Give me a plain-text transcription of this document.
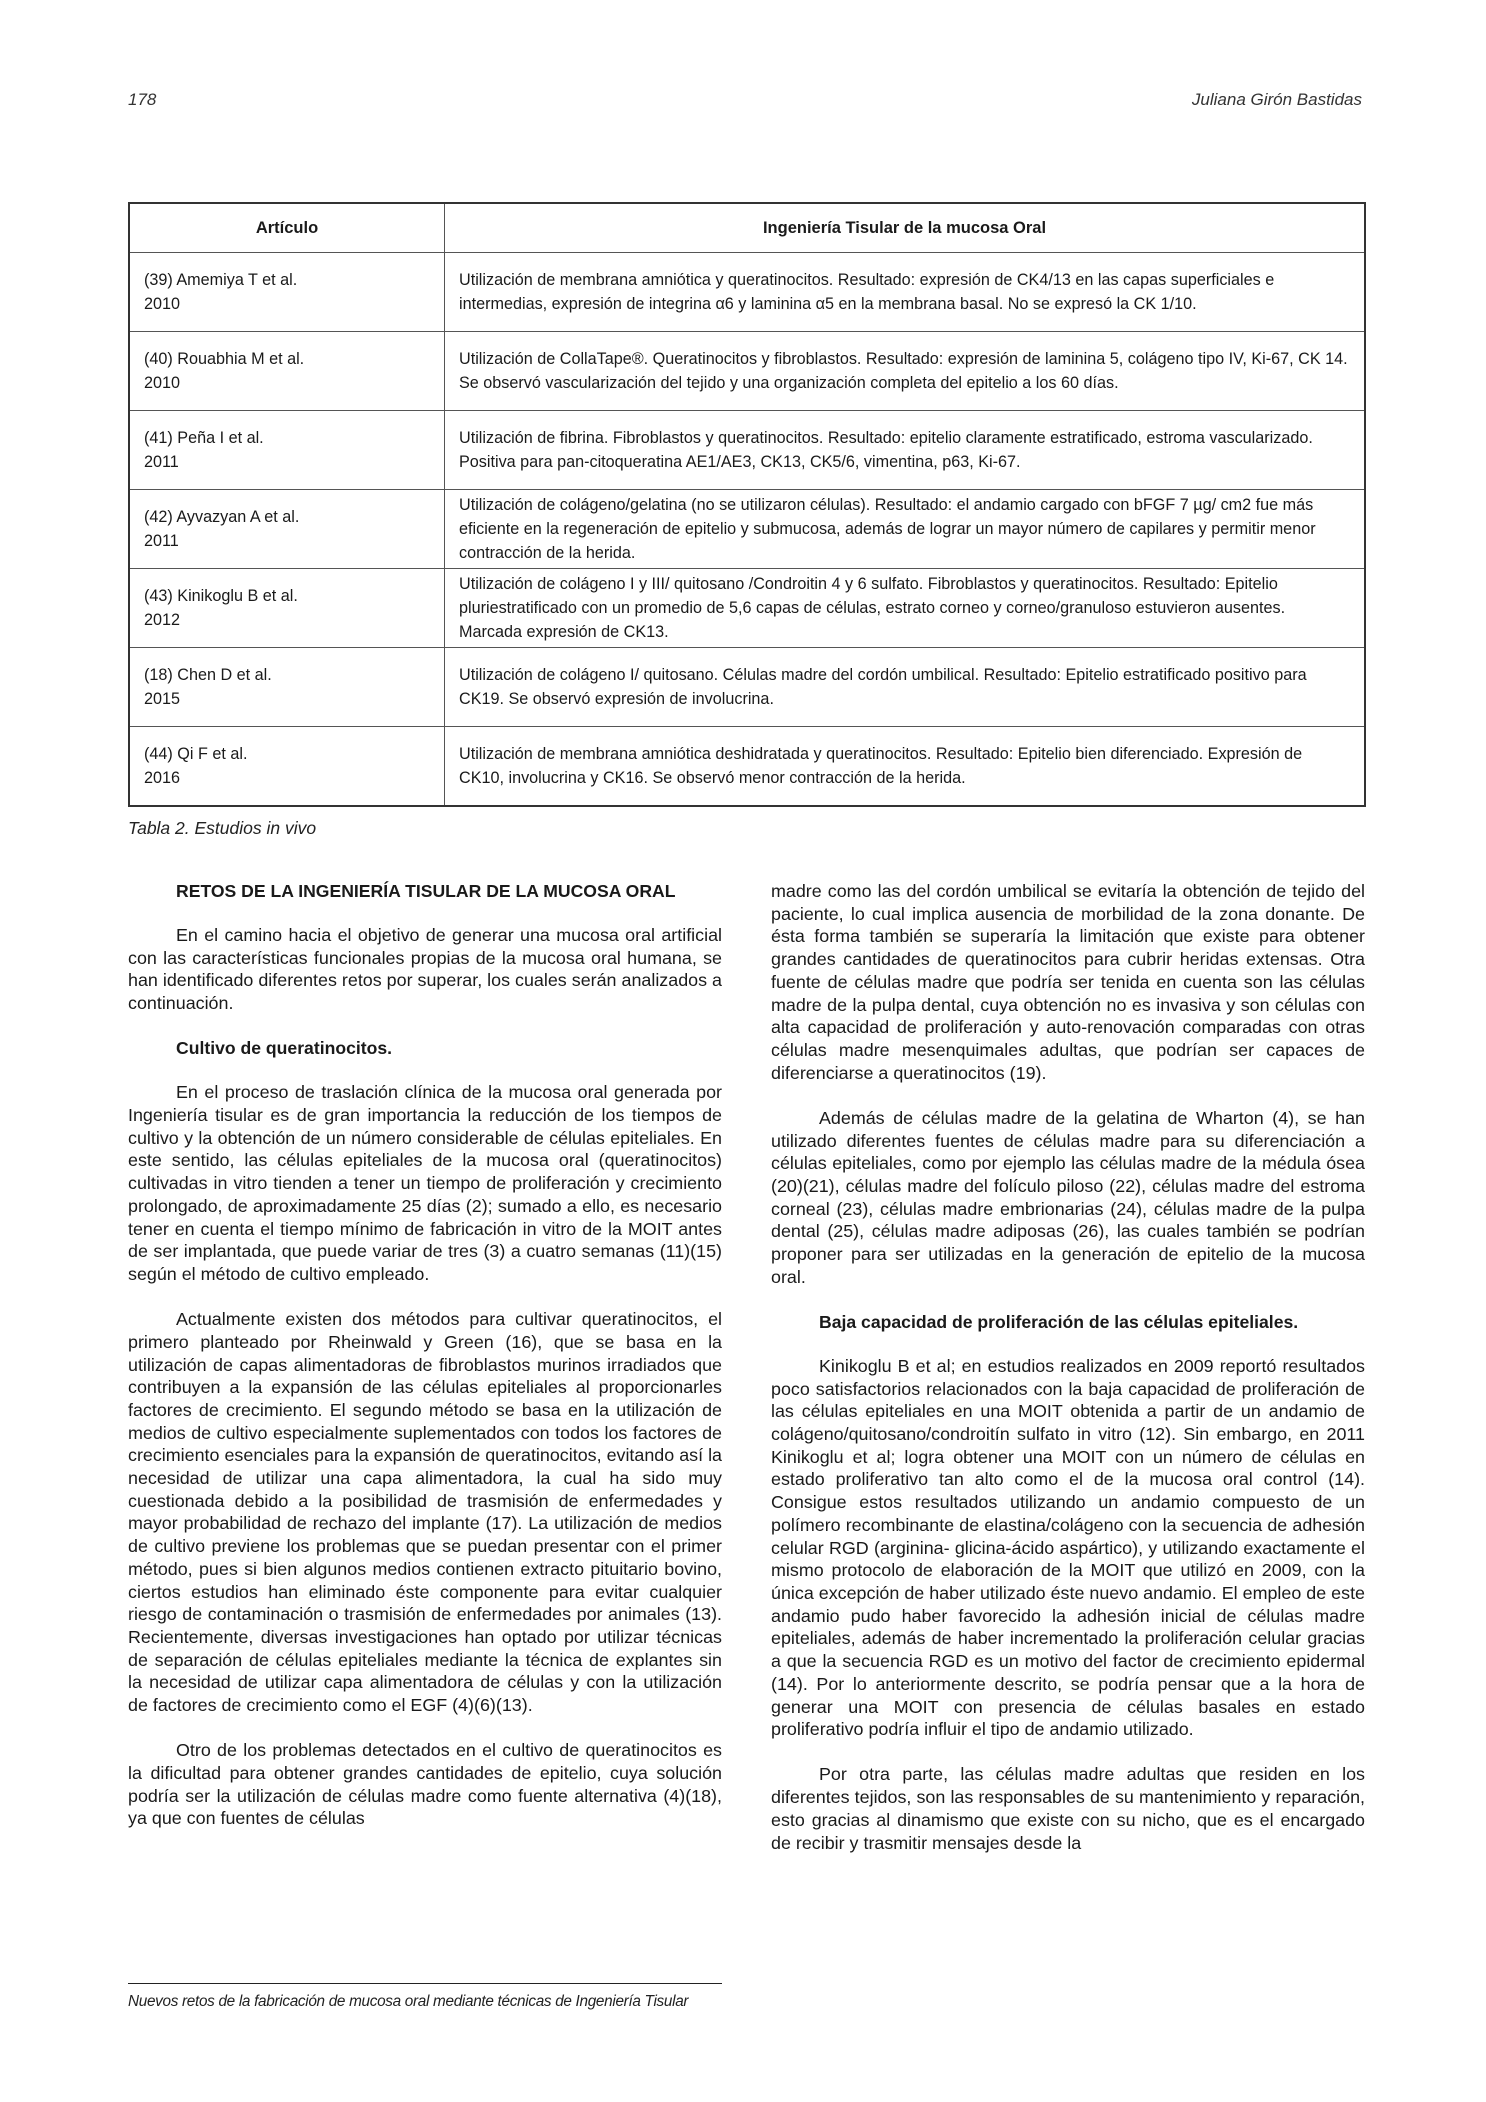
178	Juliana Girón Bastidas
Artículo	Ingeniería Tisular de la mucosa Oral

(39) Amemiya T et al.
2010	Utilización de membrana amniótica y queratinocitos. Resultado: expresión de CK4/13 en las capas superficiales e intermedias, expresión de integrina α6 y laminina α5 en la membrana basal. No se expresó la CK 1/10.

(40) Rouabhia M et al.
2010	Utilización de CollaTape®. Queratinocitos y fibroblastos. Resultado: expresión de laminina 5, colágeno tipo IV, Ki-67, CK 14. Se observó vascularización del tejido y una organización completa del epitelio a los 60 días.

(41) Peña I et al.
2011	Utilización de fibrina. Fibroblastos y queratinocitos. Resultado: epitelio claramente estratificado, estroma vascularizado. Positiva para pan-citoqueratina AE1/AE3, CK13, CK5/6, vimentina, p63, Ki-67.

(42) Ayvazyan A et al.
2011	Utilización de colágeno/gelatina (no se utilizaron células). Resultado: el andamio cargado con bFGF 7 µg/ cm2 fue más eficiente en la regeneración de epitelio y submucosa, además de lograr un mayor número de capilares y permitir menor contracción de la herida.

(43) Kinikoglu B et al.
2012	Utilización de colágeno I y III/ quitosano /Condroitin 4 y 6 sulfato. Fibroblastos y queratinocitos. Resultado: Epitelio pluriestratificado con un promedio de 5,6 capas de células, estrato corneo y corneo/granuloso estuvieron ausentes. Marcada expresión de CK13.

(18) Chen D et al.
2015	Utilización de colágeno I/ quitosano. Células madre del cordón umbilical. Resultado: Epitelio estratificado positivo para CK19. Se observó expresión de involucrina.

(44) Qi F et al.
2016	Utilización de membrana amniótica deshidratada y queratinocitos. Resultado: Epitelio bien diferenciado. Expresión de CK10, involucrina y CK16. Se observó menor contracción de la herida.
Tabla 2. Estudios in vivo
RETOS DE LA INGENIERÍA TISULAR DE LA MUCOSA ORAL

En el camino hacia el objetivo de generar una mucosa oral artificial con las características funcionales propias de la mucosa oral humana, se han identificado diferentes retos por superar, los cuales serán analizados a continuación.

Cultivo de queratinocitos.

En el proceso de traslación clínica de la mucosa oral generada por Ingeniería tisular es de gran importancia la reducción de los tiempos de cultivo y la obtención de un número considerable de células epiteliales. En este sentido, las células epiteliales de la mucosa oral (queratinocitos) cultivadas in vitro tienden a tener un tiempo de proliferación y crecimiento prolongado, de aproximadamente 25 días (2); sumado a ello, es necesario tener en cuenta el tiempo mínimo de fabricación in vitro de la MOIT antes de ser implantada, que puede variar de tres (3) a cuatro semanas (11)(15) según el método de cultivo empleado.

Actualmente existen dos métodos para cultivar queratinocitos, el primero planteado por Rheinwald y Green (16), que se basa en la utilización de capas alimentadoras de fibroblastos murinos irradiados que contribuyen a la expansión de las células epiteliales al proporcionarles factores de crecimiento. El segundo método se basa en la utilización de medios de cultivo especialmente suplementados con todos los factores de crecimiento esenciales para la expansión de queratinocitos, evitando así la necesidad de utilizar una capa alimentadora, la cual ha sido muy cuestionada debido a la posibilidad de trasmisión de enfermedades y mayor probabilidad de rechazo del implante (17). La utilización de medios de cultivo previene los problemas que se puedan presentar con el primer método, pues si bien algunos medios contienen extracto pituitario bovino, ciertos estudios han eliminado éste componente para evitar cualquier riesgo de contaminación o trasmisión de enfermedades por animales (13). Recientemente, diversas investigaciones han optado por utilizar técnicas de separación de células epiteliales mediante la técnica de explantes sin la necesidad de utilizar capa alimentadora de células y con la utilización de factores de crecimiento como el EGF (4)(6)(13).

Otro de los problemas detectados en el cultivo de queratinocitos es la dificultad para obtener grandes cantidades de epitelio, cuya solución podría ser la utilización de células madre como fuente alternativa (4)(18), ya que con fuentes de células

madre como las del cordón umbilical se evitaría la obtención de tejido del paciente, lo cual implica ausencia de morbilidad de la zona donante. De ésta forma también se superaría la limitación que existe para obtener grandes cantidades de queratinocitos para cubrir heridas extensas. Otra fuente de células madre que podría ser tenida en cuenta son las células madre de la pulpa dental, cuya obtención no es invasiva y son células con alta capacidad de proliferación y auto-renovación comparadas con otras células madre mesenquimales adultas, que podrían ser capaces de diferenciarse a queratinocitos (19).

Además de células madre de la gelatina de Wharton (4), se han utilizado diferentes fuentes de células madre para su diferenciación a células epiteliales, como por ejemplo las células madre de la médula ósea (20)(21), células madre del folículo piloso (22), células madre del estroma corneal (23), células madre embrionarias (24), células madre de la pulpa dental (25), células madre adiposas (26), las cuales también se podrían proponer para ser utilizadas en la generación de epitelio de la mucosa oral.

Baja capacidad de proliferación de las células epiteliales.

Kinikoglu B et al; en estudios realizados en 2009 reportó resultados poco satisfactorios relacionados con la baja capacidad de proliferación de las células epiteliales en una MOIT obtenida a partir de un andamio de colágeno/quitosano/condroitín sulfato in vitro (12). Sin embargo, en 2011 Kinikoglu et al; logra obtener una MOIT con un número de células en estado proliferativo tan alto como el de la mucosa oral control (14). Consigue estos resultados utilizando un andamio compuesto de un polímero recombinante de elastina/colágeno con la secuencia de adhesión celular RGD (arginina- glicina-ácido aspártico), y utilizando exactamente el mismo protocolo de elaboración de la MOIT que utilizó en 2009, con la única excepción de haber utilizado éste nuevo andamio. El empleo de este andamio pudo haber favorecido la adhesión inicial de células madre epiteliales, además de haber incrementado la proliferación celular gracias a que la secuencia RGD es un motivo del factor de crecimiento epidermal (14). Por lo anteriormente descrito, se podría pensar que a la hora de generar una MOIT con presencia de células basales en estado proliferativo podría influir el tipo de andamio utilizado.

Por otra parte, las células madre adultas que residen en los diferentes tejidos, son las responsables de su mantenimiento y reparación, esto gracias al dinamismo que existe con su nicho, que es el encargado de recibir y trasmitir mensajes desde la

Nuevos retos de la fabricación de mucosa oral mediante técnicas de Ingeniería Tisular
